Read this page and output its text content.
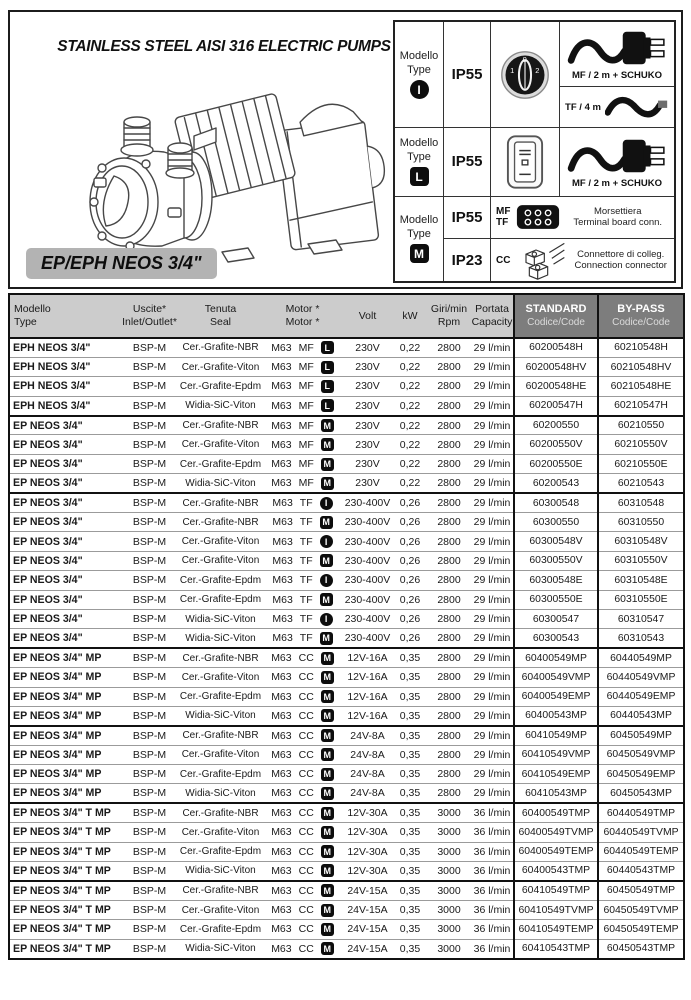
STAINLESS STEEL AISI 316 ELECTRIC PUMPS
EP/EPH NEOS 3/4"
Modello
Type
I
IP55	1
0
2
MF / 2 m + SCHUKO
TF / 4 m
Modello
Type
L
IP55
MF / 2 m + SCHUKO
Modello
Type
M
IP55 MF
TF
Morsettiera
Terminal board conn.
IP23 CC	Connettore di colleg.
Connection connector
Modello
Type

Uscite*
Inlet/Outlet*

Tenuta
Seal

Motor *
Motor *

Volt	kW

Giri/min
Rpm

Portata
Capacity

STANDARD
Codice/Code

BY-PASS
Codice/Code

EPH NEOS 3/4"	BSP-M	Cer.-Grafite-NBR	M63 MF L	230V	0,22	2800	29 l/min	60200548H	60210548H
EPH NEOS 3/4"	BSP-M	Cer.-Grafite-Viton	M63 MF L	230V	0,22	2800	29 l/min	60200548HV	60210548HV
EPH NEOS 3/4"	BSP-M	Cer.-Grafite-Epdm	M63 MF L	230V	0,22	2800	29 l/min	60200548HE	60210548HE
EPH NEOS 3/4"	BSP-M	Widia-SiC-Viton	M63 MF L	230V	0,22	2800	29 l/min	60200547H	60210547H
EP NEOS 3/4"	BSP-M	Cer.-Grafite-NBR	M63 MF M	230V	0,22	2800	29 l/min	60200550	60210550
EP NEOS 3/4"	BSP-M	Cer.-Grafite-Viton	M63 MF M	230V	0,22	2800	29 l/min	60200550V	60210550V
EP NEOS 3/4"	BSP-M	Cer.-Grafite-Epdm	M63 MF M	230V	0,22	2800	29 l/min	60200550E	60210550E
EP NEOS 3/4"	BSP-M	Widia-SiC-Viton	M63 MF M	230V	0,22	2800	29 l/min	60200543	60210543
EP NEOS 3/4"	BSP-M	Cer.-Grafite-NBR	M63 TF I	230-400V	0,26	2800	29 l/min	60300548	60310548
EP NEOS 3/4"	BSP-M	Cer.-Grafite-NBR	M63 TF M	230-400V	0,26	2800	29 l/min	60300550	60310550
EP NEOS 3/4"	BSP-M	Cer.-Grafite-Viton	M63 TF I	230-400V	0,26	2800	29 l/min	60300548V	60310548V
EP NEOS 3/4"	BSP-M	Cer.-Grafite-Viton	M63 TF M	230-400V	0,26	2800	29 l/min	60300550V	60310550V
EP NEOS 3/4"	BSP-M	Cer.-Grafite-Epdm	M63 TF I	230-400V	0,26	2800	29 l/min	60300548E	60310548E
EP NEOS 3/4"	BSP-M	Cer.-Grafite-Epdm	M63 TF M	230-400V	0,26	2800	29 l/min	60300550E	60310550E
EP NEOS 3/4"	BSP-M	Widia-SiC-Viton	M63 TF I	230-400V	0,26	2800	29 l/min	60300547	60310547
EP NEOS 3/4"	BSP-M	Widia-SiC-Viton	M63 TF M	230-400V	0,26	2800	29 l/min	60300543	60310543
EP NEOS 3/4" MP	BSP-M	Cer.-Grafite-NBR	M63 CC M	12V-16A	0,35	2800	29 l/min	60400549MP	60440549MP
EP NEOS 3/4" MP	BSP-M	Cer.-Grafite-Viton	M63 CC M	12V-16A	0,35	2800	29 l/min	60400549VMP	60440549VMP
EP NEOS 3/4" MP	BSP-M	Cer.-Grafite-Epdm	M63 CC M	12V-16A	0,35	2800	29 l/min	60400549EMP	60440549EMP
EP NEOS 3/4" MP	BSP-M	Widia-SiC-Viton	M63 CC M	12V-16A	0,35	2800	29 l/min	60400543MP	60440543MP
EP NEOS 3/4" MP	BSP-M	Cer.-Grafite-NBR	M63 CC M	24V-8A	0,35	2800	29 l/min	60410549MP	60450549MP
EP NEOS 3/4" MP	BSP-M	Cer.-Grafite-Viton	M63 CC M	24V-8A	0,35	2800	29 l/min	60410549VMP	60450549VMP
EP NEOS 3/4" MP	BSP-M	Cer.-Grafite-Epdm	M63 CC M	24V-8A	0,35	2800	29 l/min	60410549EMP	60450549EMP
EP NEOS 3/4" MP	BSP-M	Widia-SiC-Viton	M63 CC M	24V-8A	0,35	2800	29 l/min	60410543MP	60450543MP
EP NEOS 3/4" T MP	BSP-M	Cer.-Grafite-NBR	M63 CC M	12V-30A	0,35	3000	36 l/min	60400549TMP	60440549TMP
EP NEOS 3/4" T MP	BSP-M	Cer.-Grafite-Viton	M63 CC M	12V-30A	0,35	3000	36 l/min	60400549TVMP	60440549TVMP
EP NEOS 3/4" T MP	BSP-M	Cer.-Grafite-Epdm	M63 CC M	12V-30A	0,35	3000	36 l/min	60400549TEMP	60440549TEMP
EP NEOS 3/4" T MP	BSP-M	Widia-SiC-Viton	M63 CC M	12V-30A	0,35	3000	36 l/min	60400543TMP	60440543TMP
EP NEOS 3/4" T MP	BSP-M	Cer.-Grafite-NBR	M63 CC M	24V-15A	0,35	3000	36 l/min	60410549TMP	60450549TMP
EP NEOS 3/4" T MP	BSP-M	Cer.-Grafite-Viton	M63 CC M	24V-15A	0,35	3000	36 l/min	60410549TVMP	60450549TVMP
EP NEOS 3/4" T MP	BSP-M	Cer.-Grafite-Epdm	M63 CC M	24V-15A	0,35	3000	36 l/min	60410549TEMP	60450549TEMP
EP NEOS 3/4" T MP	BSP-M	Widia-SiC-Viton	M63 CC M	24V-15A	0,35	3000	36 l/min	60410543TMP	60450543TMP
